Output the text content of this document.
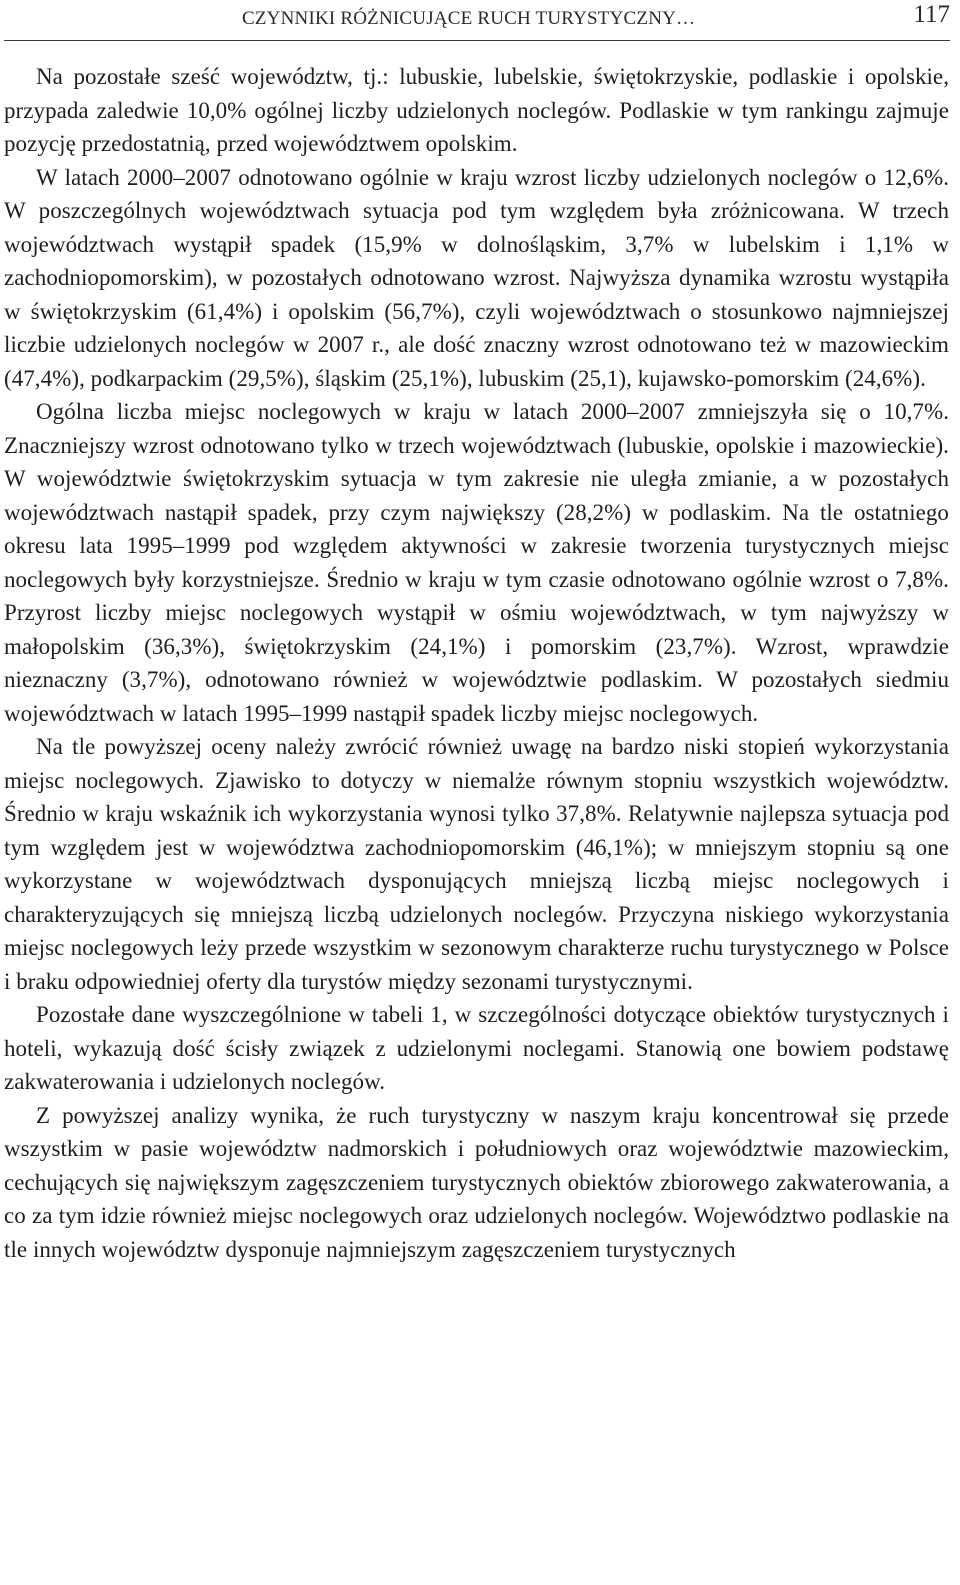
CZYNNIKI RÓŻNICUJĄCE RUCH TURYSTYCZNY…	117

Na pozostałe sześć województw, tj.: lubuskie, lubelskie, świętokrzyskie, podlaskie i opolskie, przypada zaledwie 10,0% ogólnej liczby udzielonych noclegów. Podlaskie w tym rankingu zajmuje pozycję przedostatnią, przed województwem opolskim.

W latach 2000–2007 odnotowano ogólnie w kraju wzrost liczby udzielonych noclegów o 12,6%. W poszczególnych województwach sytuacja pod tym względem była zróżnicowana. W trzech województwach wystąpił spadek (15,9% w dolnośląskim, 3,7% w lubelskim i 1,1% w zachodniopomorskim), w pozostałych odnotowano wzrost. Najwyższa dynamika wzrostu wystąpiła w świętokrzyskim (61,4%) i opolskim (56,7%), czyli województwach o stosunkowo najmniejszej liczbie udzielonych noclegów w 2007 r., ale dość znaczny wzrost odnotowano też w mazowieckim (47,4%), podkarpackim (29,5%), śląskim (25,1%), lubuskim (25,1), kujawsko-pomorskim (24,6%).

Ogólna liczba miejsc noclegowych w kraju w latach 2000–2007 zmniejszyła się o 10,7%. Znaczniejszy wzrost odnotowano tylko w trzech województwach (lubuskie, opolskie i mazowieckie). W województwie świętokrzyskim sytuacja w tym zakresie nie uległa zmianie, a w pozostałych województwach nastąpił spadek, przy czym największy (28,2%) w podlaskim. Na tle ostatniego okresu lata 1995–1999 pod względem aktywności w zakresie tworzenia turystycznych miejsc noclegowych były korzystniejsze. Średnio w kraju w tym czasie odnotowano ogólnie wzrost o 7,8%. Przyrost liczby miejsc noclegowych wystąpił w ośmiu województwach, w tym najwyższy w małopolskim (36,3%), świętokrzyskim (24,1%) i pomorskim (23,7%). Wzrost, wprawdzie nieznaczny (3,7%), odnotowano również w województwie podlaskim. W pozostałych siedmiu województwach w latach 1995–1999 nastąpił spadek liczby miejsc noclegowych.

Na tle powyższej oceny należy zwrócić również uwagę na bardzo niski stopień wykorzystania miejsc noclegowych. Zjawisko to dotyczy w niemalże równym stopniu wszystkich województw. Średnio w kraju wskaźnik ich wykorzystania wynosi tylko 37,8%. Relatywnie najlepsza sytuacja pod tym względem jest w województwa zachodniopomorskim (46,1%); w mniejszym stopniu są one wykorzystane w województwach dysponujących mniejszą liczbą miejsc noclegowych i charakteryzujących się mniejszą liczbą udzielonych noclegów. Przyczyna niskiego wykorzystania miejsc noclegowych leży przede wszystkim w sezonowym charakterze ruchu turystycznego w Polsce i braku odpowiedniej oferty dla turystów między sezonami turystycznymi.

Pozostałe dane wyszczególnione w tabeli 1, w szczególności dotyczące obiektów turystycznych i hoteli, wykazują dość ścisły związek z udzielonymi noclegami. Stanowią one bowiem podstawę zakwaterowania i udzielonych noclegów.

Z powyższej analizy wynika, że ruch turystyczny w naszym kraju koncentrował się przede wszystkim w pasie województw nadmorskich i południowych oraz województwie mazowieckim, cechujących się największym zagęszczeniem turystycznych obiektów zbiorowego zakwaterowania, a co za tym idzie również miejsc noclegowych oraz udzielonych noclegów. Województwo podlaskie na tle innych województw dysponuje najmniejszym zagęszczeniem turystycznych
